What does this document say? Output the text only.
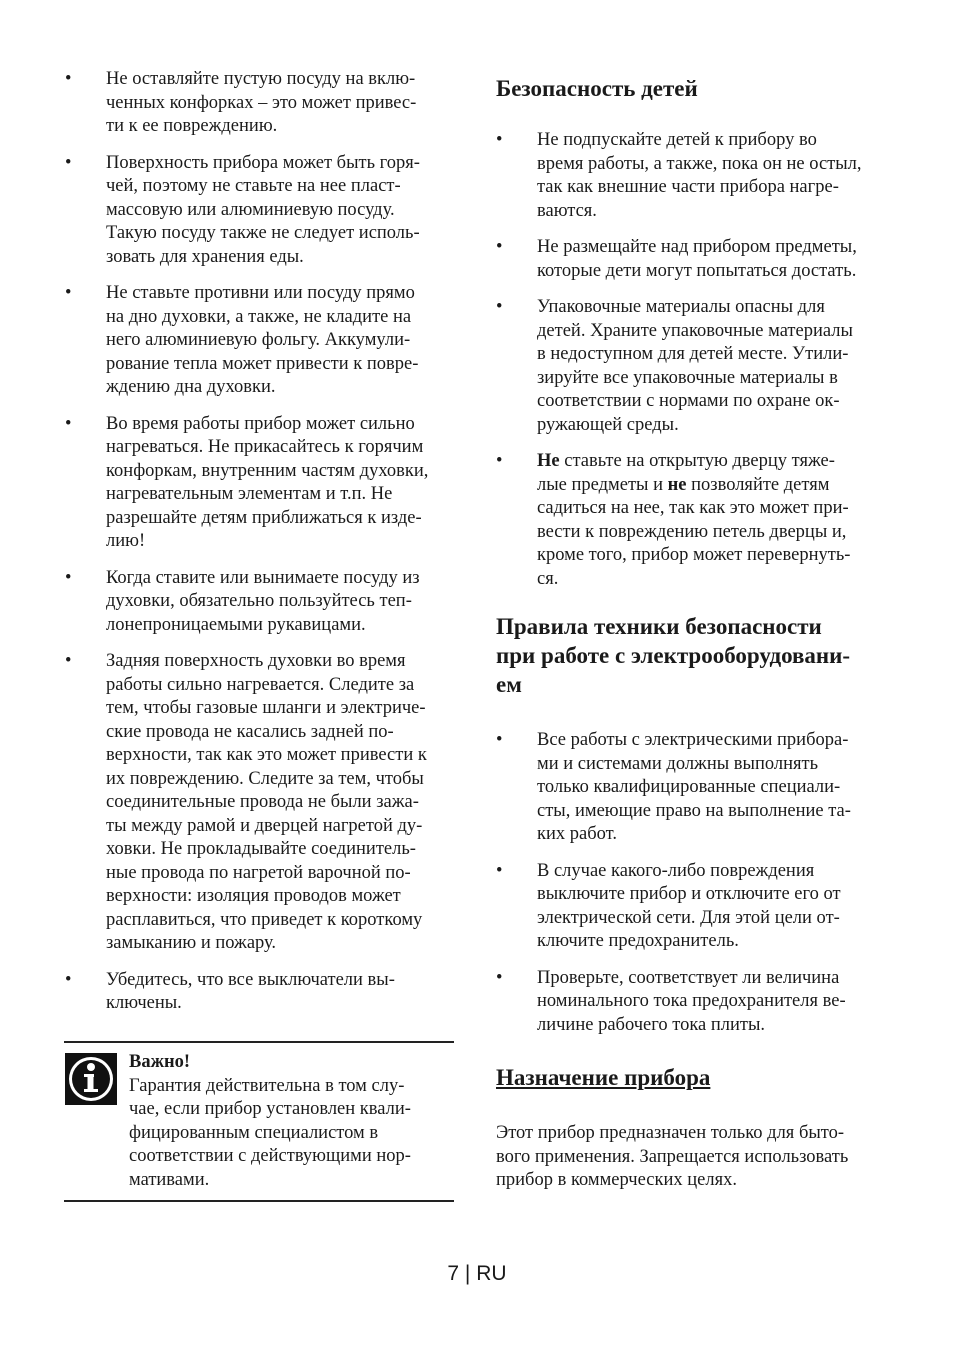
• Не оставляйте пустую посуду на вклю-
ченных конфорках – это может привес-
ти к ее повреждению.
• Поверхность прибора может быть горя-
чей, поэтому не ставьте на нее пласт-
массовую или алюминиевую посуду.
Такую посуду также не следует исполь-
зовать для хранения еды.
• Не ставьте противни или посуду прямо
на дно духовки, а также, не кладите на
него алюминиевую фольгу. Аккумули-
рование тепла может привести к повре-
ждению дна духовки.
• Во время работы прибор может сильно
нагреваться. Не прикасайтесь к горячим
конфоркам, внутренним частям духовки,
нагревательным элементам и т.п. Не
разрешайте детям приближаться к изде-
лию!
• Когда ставите или вынимаете посуду из
духовки, обязательно пользуйтесь теп-
лонепроницаемыми рукавицами.
• Задняя поверхность духовки во время
работы сильно нагревается. Следите за
тем, чтобы газовые шланги и электриче-
ские провода не касались задней по-
верхности, так как это может привести к
их повреждению. Следите за тем, чтобы
соединительные провода не были зажа-
ты между рамой и дверцей нагретой ду-
ховки. Не прокладывайте соединитель-
ные провода по нагретой варочной по-
верхности: изоляция проводов может
расплавиться, что приведет к короткому
замыканию и пожару.
• Убедитесь, что все выключатели вы-
ключены.
Важно!
Гарантия действительна в том слу-
чае, если прибор установлен квали-
фицированным специалистом в
соответствии с действующими нор-
мативами.
Безопасность детей
• Не подпускайте детей к прибору во
время работы, а также, пока он не остыл,
так как внешние части прибора нагре-
ваются.
• Не размещайте над прибором предметы,
которые дети могут попытаться достать.
• Упаковочные материалы опасны для
детей. Храните упаковочные материалы
в недоступном для детей месте. Утили-
зируйте все упаковочные материалы в
соответствии с нормами по охране ок-
ружающей среды.
• Не ставьте на открытую дверцу тяже-
лые предметы и не позволяйте детям
садиться на нее, так как это может при-
вести к повреждению петель дверцы и,
кроме того, прибор может перевернуть-
ся.
Правила техники безопасности
при работе с электрооборудовани-
ем
• Все работы с электрическими прибора-
ми и системами должны выполнять
только квалифицированные специали-
сты, имеющие право на выполнение та-
ких работ.
• В случае какого-либо повреждения
выключите прибор и отключите его от
электрической сети. Для этой цели от-
ключите предохранитель.
• Проверьте, соответствует ли величина
номинального тока предохранителя ве-
личине рабочего тока плиты.
Назначение прибора

Этот прибор предназначен только для быто-
вого применения. Запрещается использовать
прибор в коммерческих целях.

7 | RU
